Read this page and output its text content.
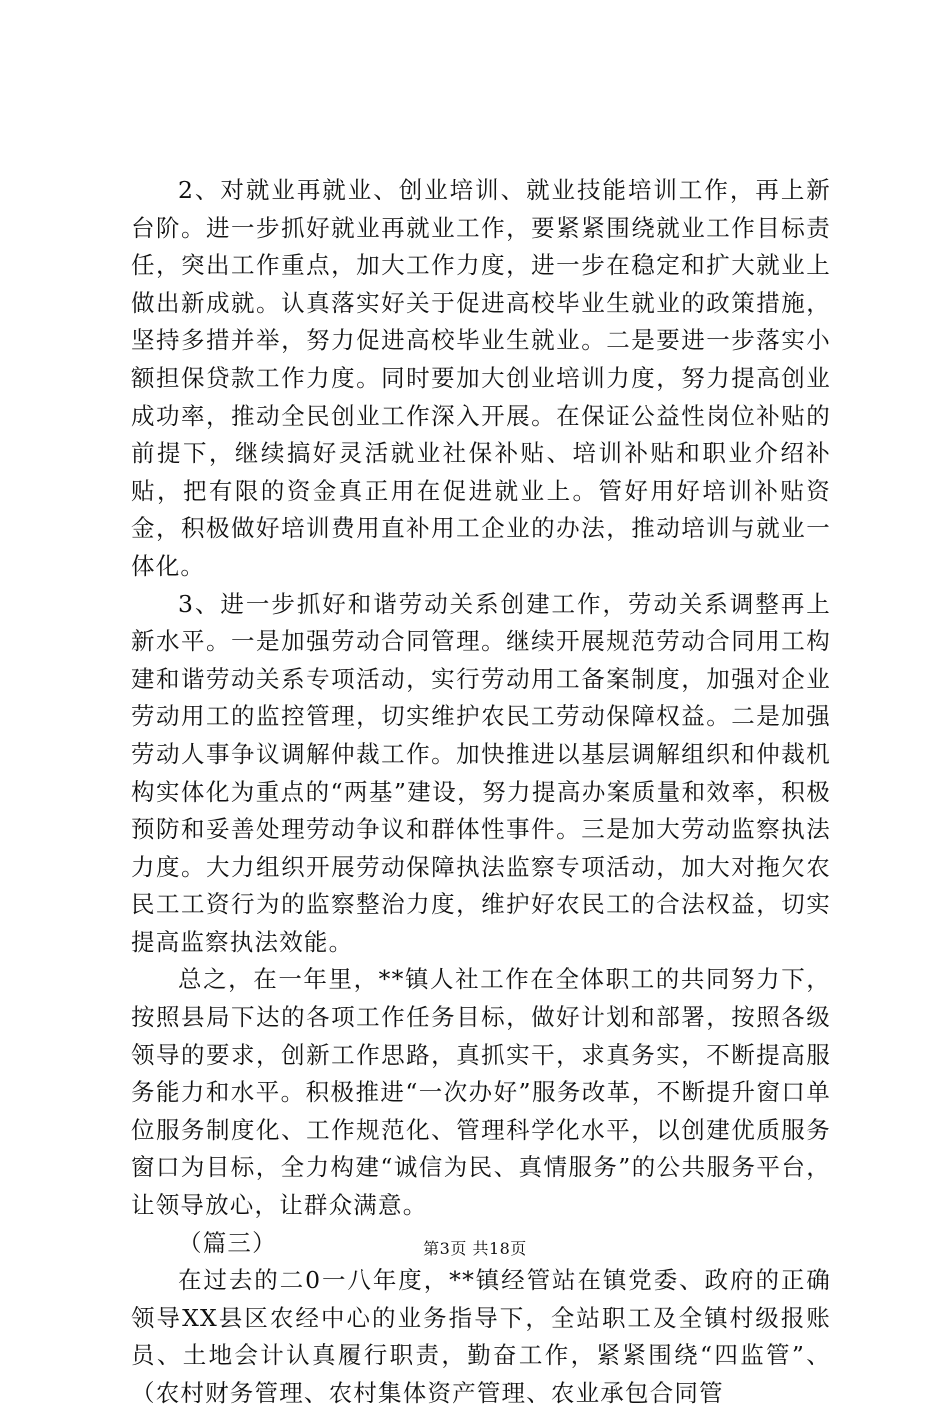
2、对就业再就业、创业培训、就业技能培训工作，再上新台阶。进一步抓好就业再就业工作，要紧紧围绕就业工作目标责任，突出工作重点，加大工作力度，进一步在稳定和扩大就业上做出新成就。认真落实好关于促进高校毕业生就业的政策措施，坚持多措并举，努力促进高校毕业生就业。二是要进一步落实小额担保贷款工作力度。同时要加大创业培训力度，努力提高创业成功率，推动全民创业工作深入开展。在保证公益性岗位补贴的前提下，继续搞好灵活就业社保补贴、培训补贴和职业介绍补贴，把有限的资金真正用在促进就业上。管好用好培训补贴资金，积极做好培训费用直补用工企业的办法，推动培训与就业一体化。

3、进一步抓好和谐劳动关系创建工作，劳动关系调整再上新水平。一是加强劳动合同管理。继续开展规范劳动合同用工构建和谐劳动关系专项活动，实行劳动用工备案制度，加强对企业劳动用工的监控管理，切实维护农民工劳动保障权益。二是加强劳动人事争议调解仲裁工作。加快推进以基层调解组织和仲裁机构实体化为重点的“两基”建设，努力提高办案质量和效率，积极预防和妥善处理劳动争议和群体性事件。三是加大劳动监察执法力度。大力组织开展劳动保障执法监察专项活动，加大对拖欠农民工工资行为的监察整治力度，维护好农民工的合法权益，切实提高监察执法效能。

总之，在一年里，**镇人社工作在全体职工的共同努力下，按照县局下达的各项工作任务目标，做好计划和部署，按照各级领导的要求，创新工作思路，真抓实干，求真务实，不断提高服务能力和水平。积极推进“一次办好”服务改革，不断提升窗口单位服务制度化、工作规范化、管理科学化水平，以创建优质服务窗口为目标，全力构建“诚信为民、真情服务”的公共服务平台，让领导放心，让群众满意。

（篇三）

在过去的二0一八年度，**镇经管站在镇党委、政府的正确领导XX县区农经中心的业务指导下，全站职工及全镇村级报账员、土地会计认真履行职责，勤奋工作，紧紧围绕“四监管”、（农村财务管理、农村集体资产管理、农业承包合同管

第3页 共18页
